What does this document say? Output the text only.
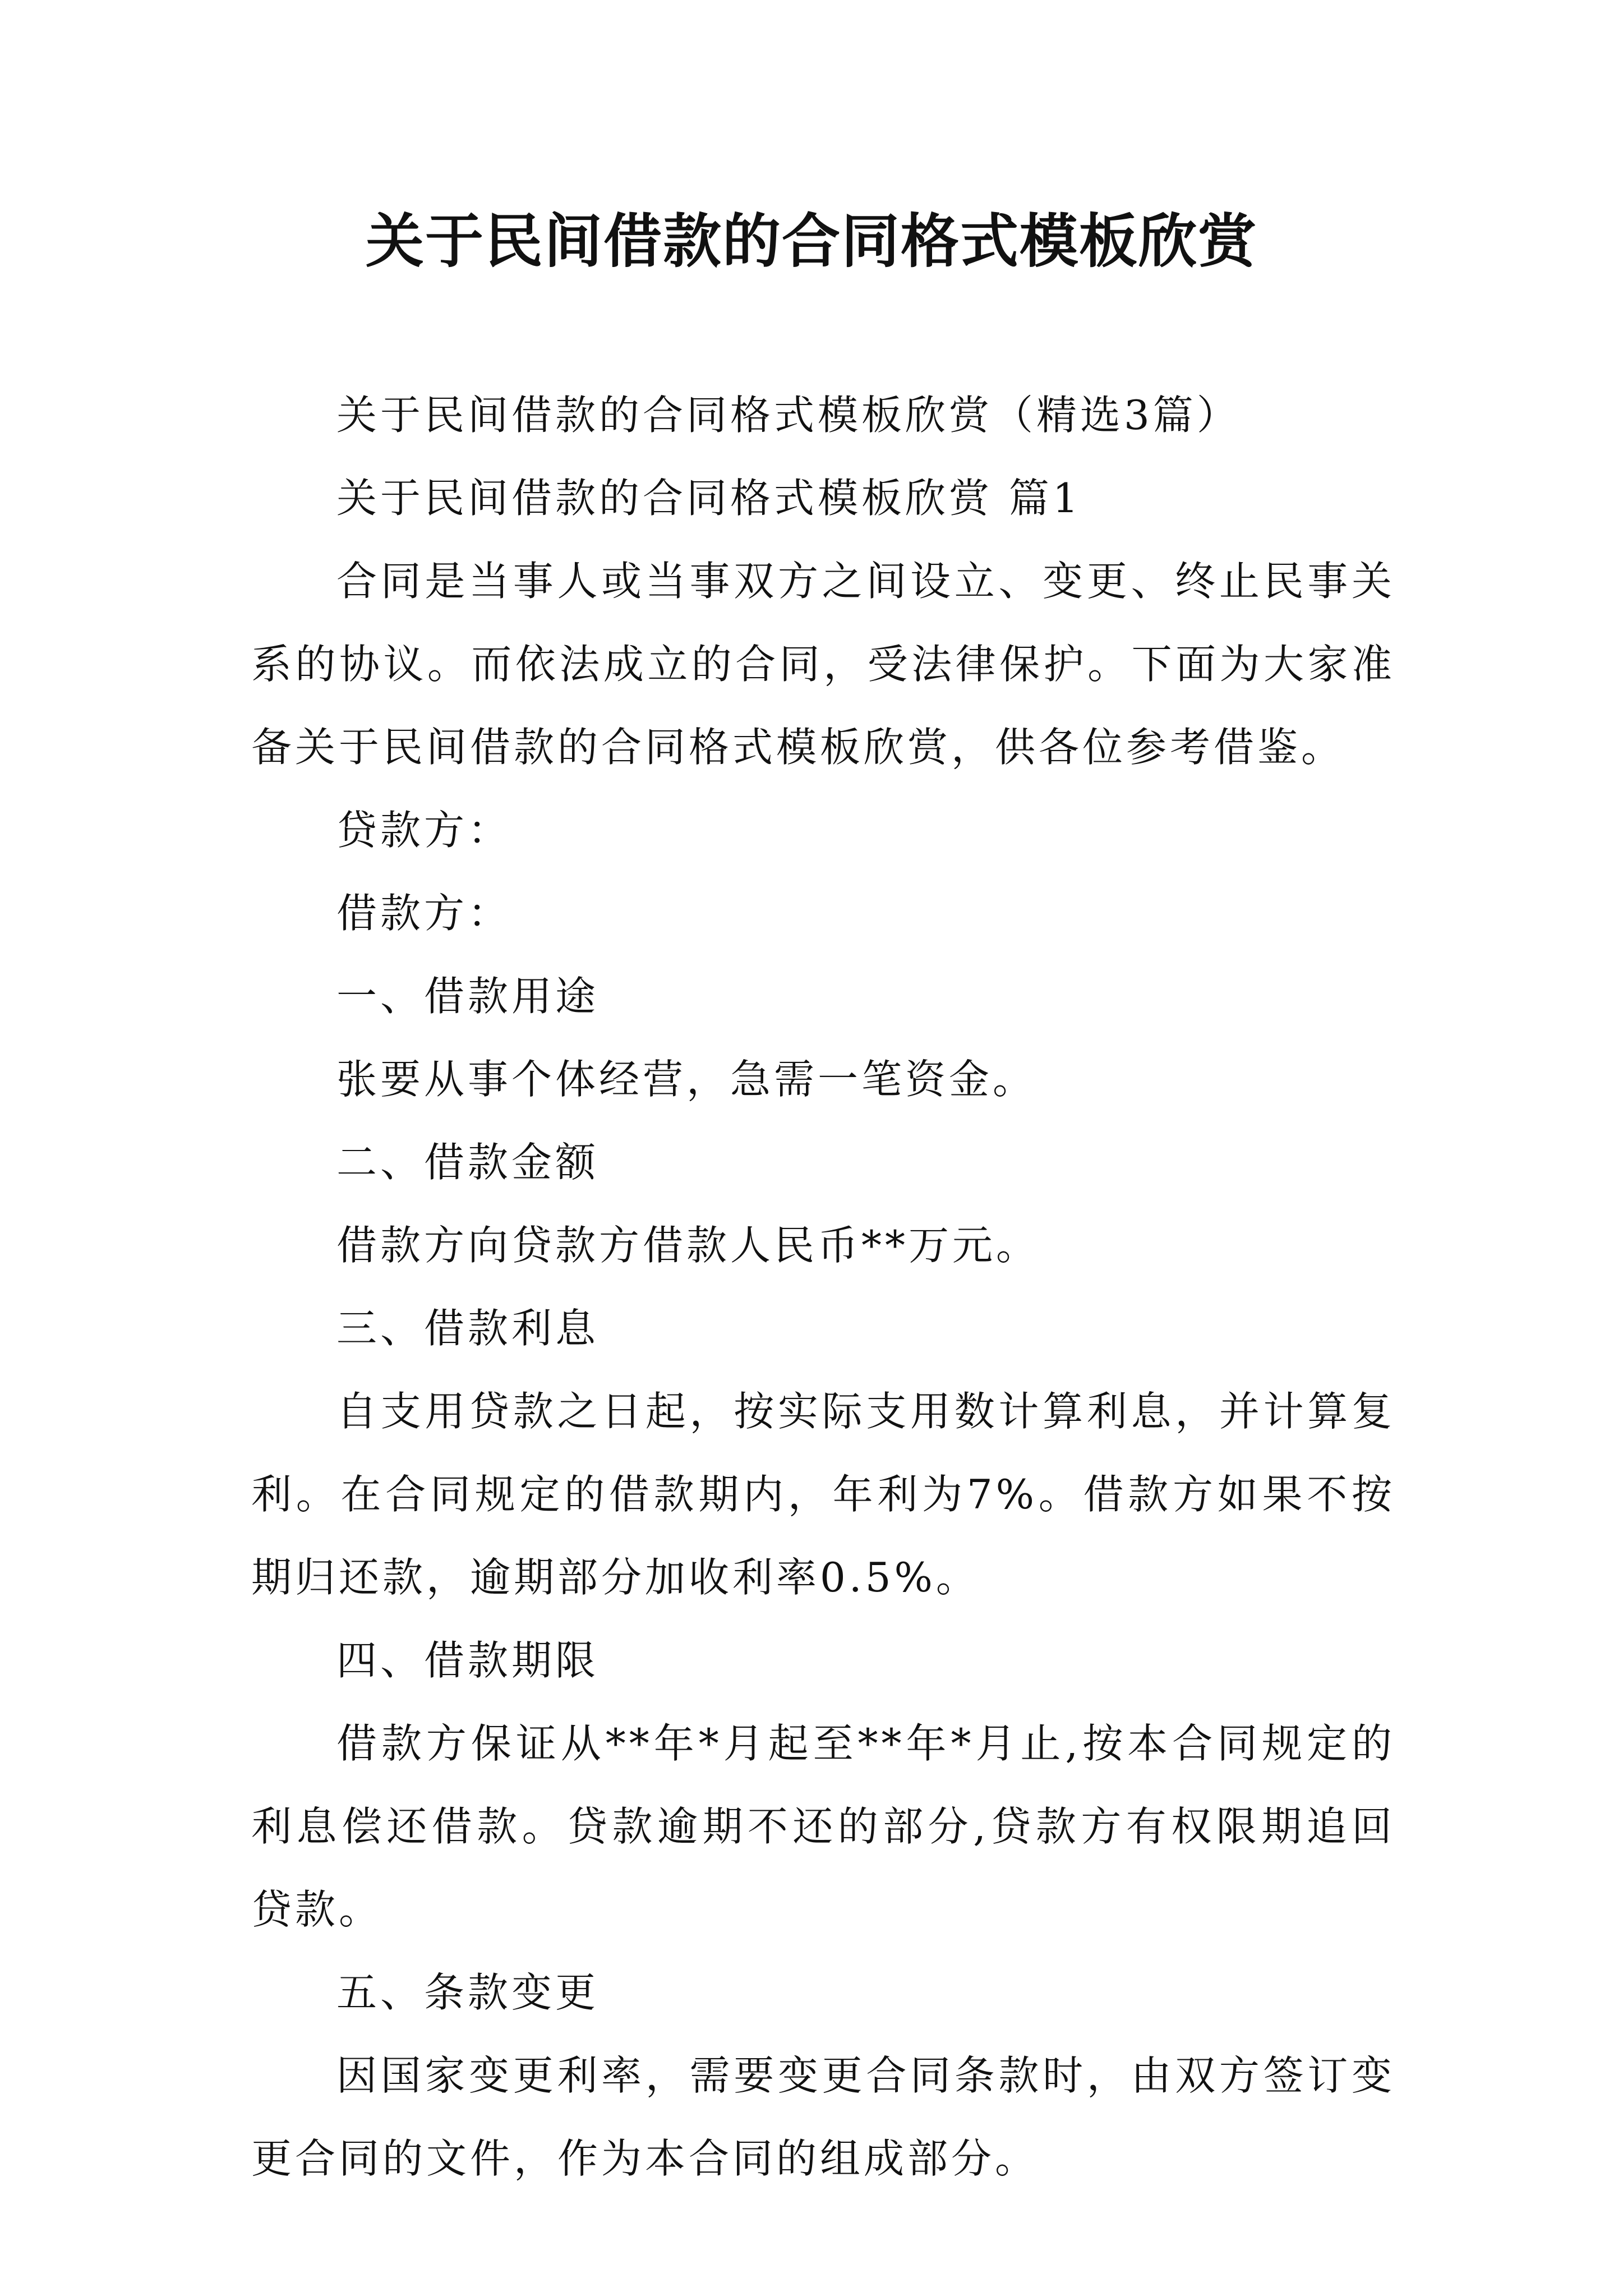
关于民间借款的合同格式模板欣赏

关于民间借款的合同格式模板欣赏（精选3篇）

关于民间借款的合同格式模板欣赏 篇1

合同是当事人或当事双方之间设立、变更、终止民事关系的协议。而依法成立的合同，受法律保护。下面为大家准备关于民间借款的合同格式模板欣赏，供各位参考借鉴。

贷款方：

借款方：

一、借款用途

张要从事个体经营，急需一笔资金。

二、借款金额

借款方向贷款方借款人民币**万元。

三、借款利息

自支用贷款之日起，按实际支用数计算利息，并计算复利。在合同规定的借款期内，年利为7%。借款方如果不按期归还款，逾期部分加收利率0.5%。

四、借款期限

借款方保证从**年*月起至**年*月止,按本合同规定的利息偿还借款。贷款逾期不还的部分,贷款方有权限期追回贷款。

五、条款变更

因国家变更利率，需要变更合同条款时，由双方签订变更合同的文件，作为本合同的组成部分。
